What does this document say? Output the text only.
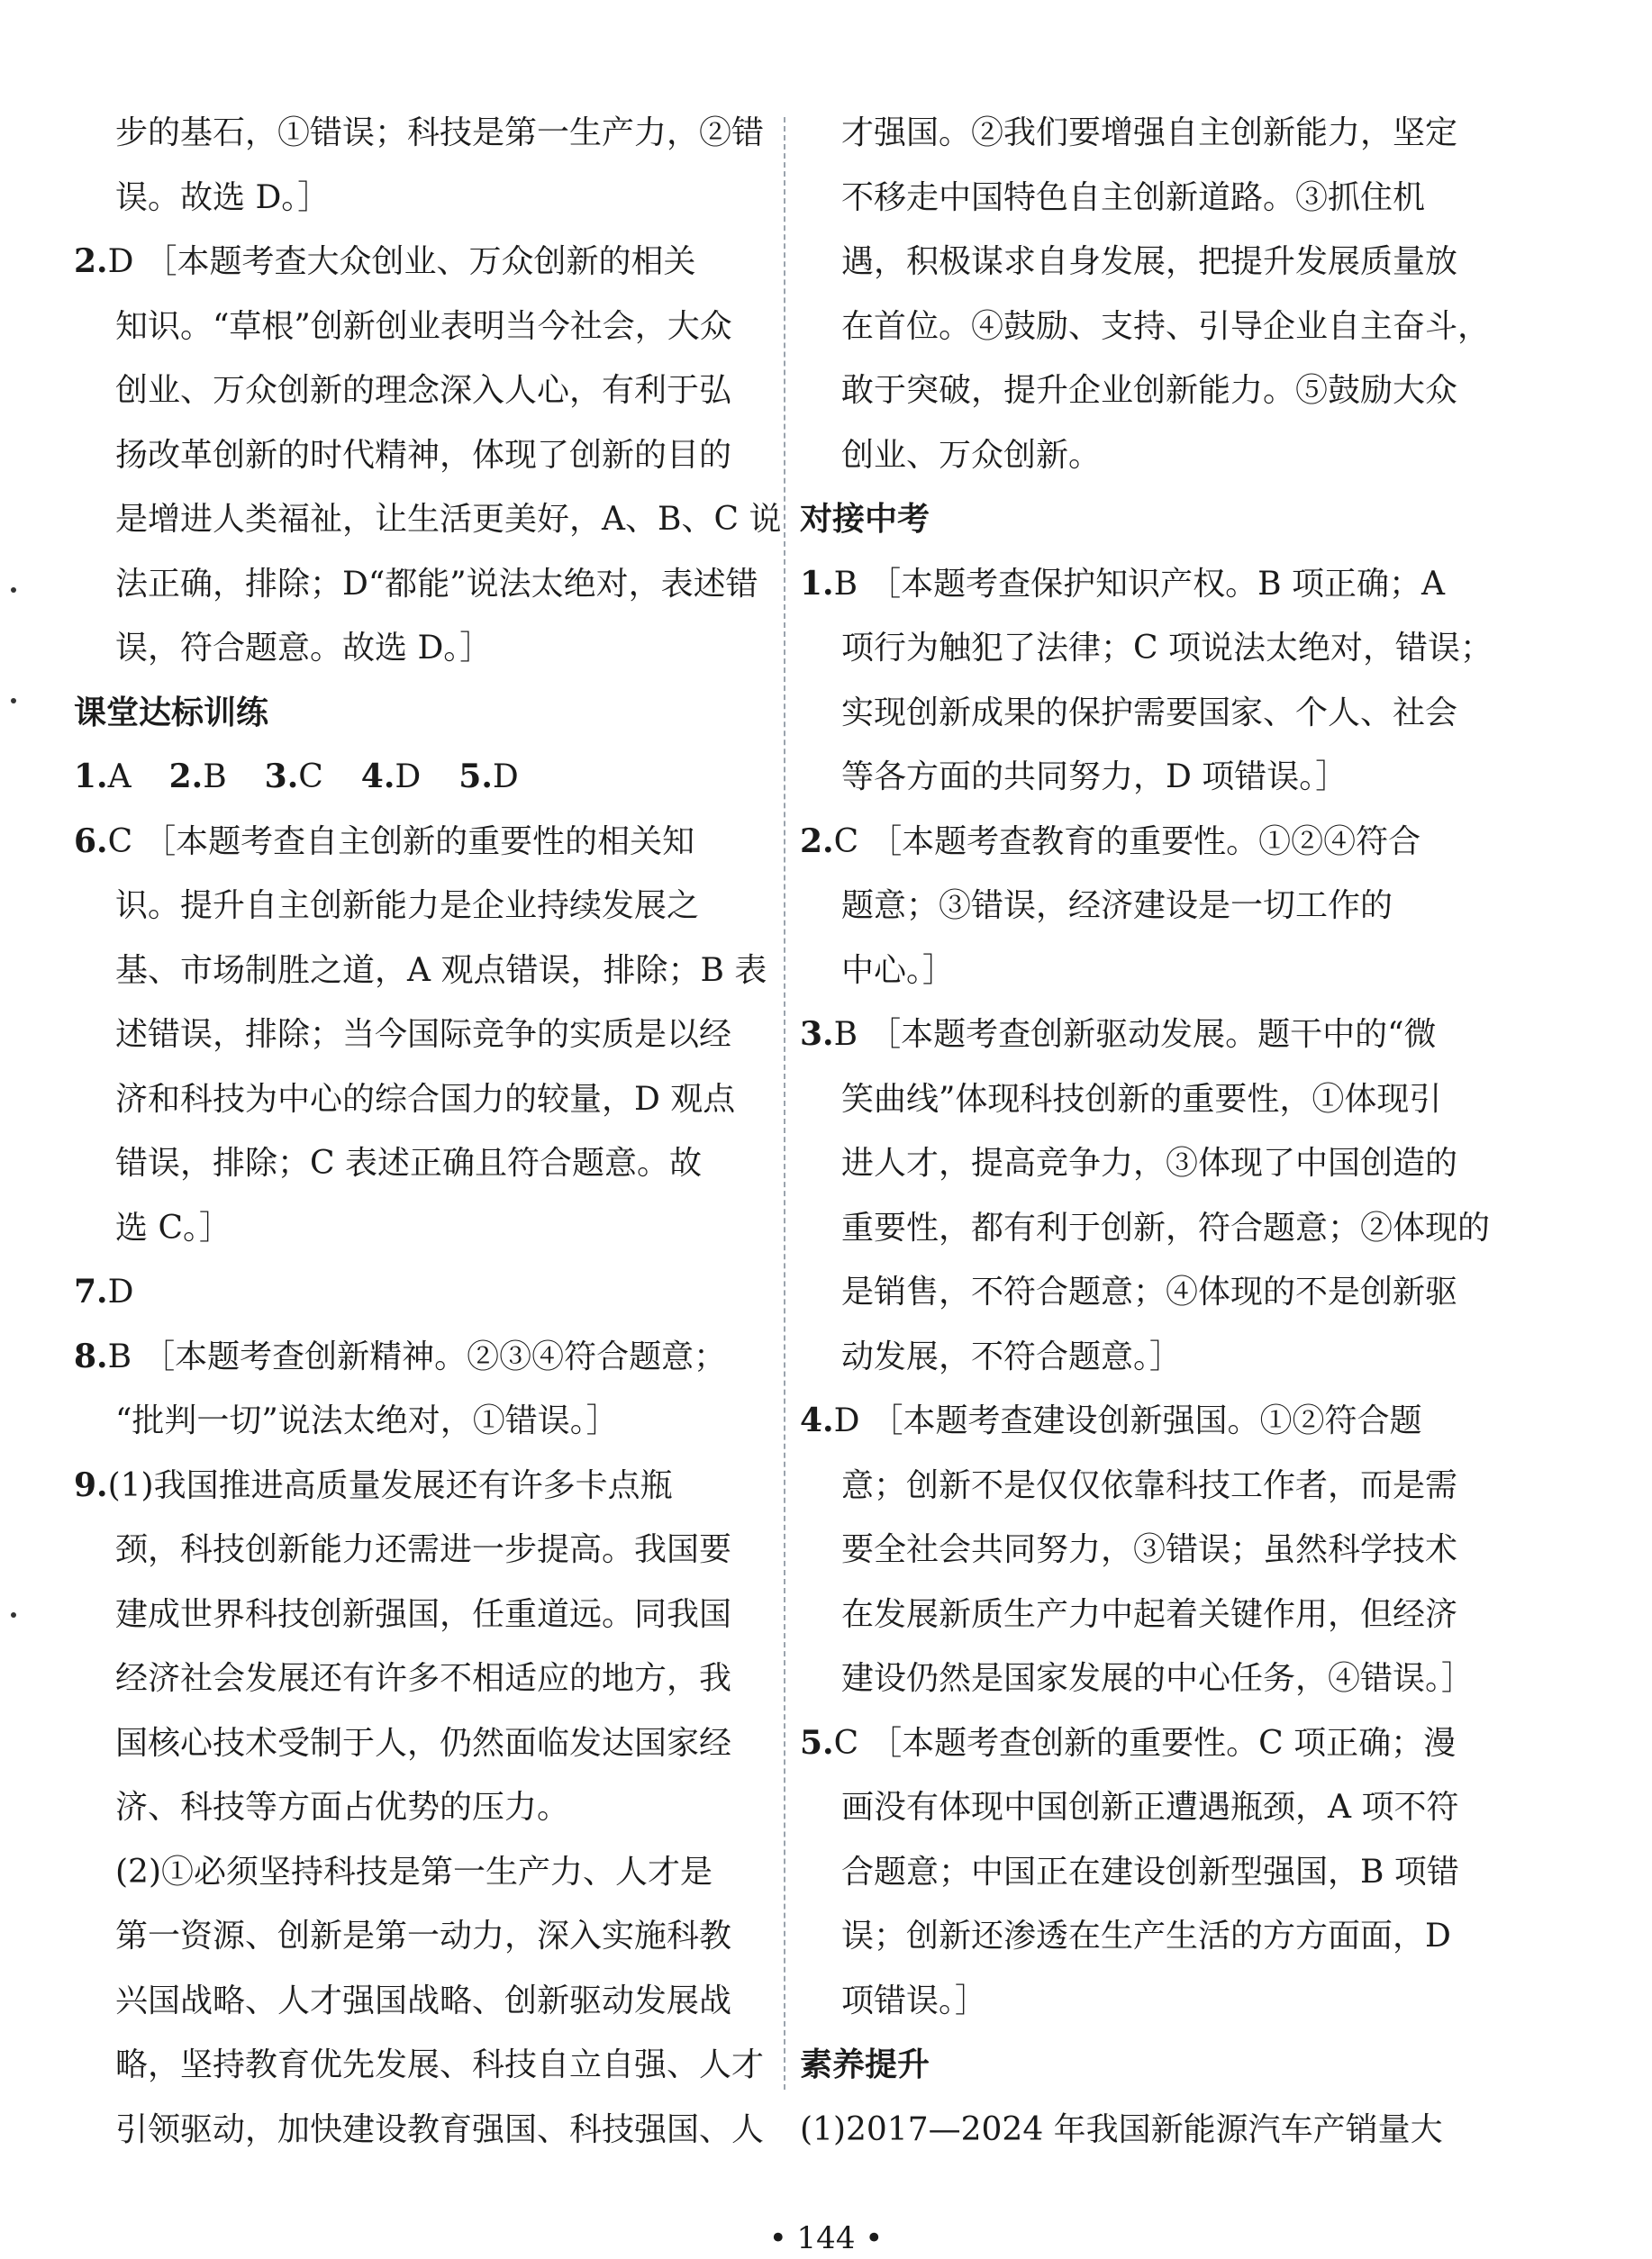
步的基石，①错误；科技是第一生产力，②错
误。故选 D。］
2.D ［本题考查大众创业、万众创新的相关
知识。“草根”创新创业表明当今社会，大众
创业、万众创新的理念深入人心，有利于弘
扬改革创新的时代精神，体现了创新的目的
是增进人类福祉，让生活更美好，A、B、C 说
法正确，排除；D“都能”说法太绝对，表述错
误，符合题意。故选 D。］
课堂达标训练
1.A 2.B 3.C 4.D 5.D
6.C ［本题考查自主创新的重要性的相关知
识。提升自主创新能力是企业持续发展之
基、市场制胜之道，A 观点错误，排除；B 表
述错误，排除；当今国际竞争的实质是以经
济和科技为中心的综合国力的较量，D 观点
错误，排除；C 表述正确且符合题意。故
选 C。］
7.D
8.B ［本题考查创新精神。②③④符合题意；
“批判一切”说法太绝对，①错误。］
9.(1)我国推进高质量发展还有许多卡点瓶
颈，科技创新能力还需进一步提高。我国要
建成世界科技创新强国，任重道远。同我国
经济社会发展还有许多不相适应的地方，我
国核心技术受制于人，仍然面临发达国家经
济、科技等方面占优势的压力。
(2)①必须坚持科技是第一生产力、人才是
第一资源、创新是第一动力，深入实施科教
兴国战略、人才强国战略、创新驱动发展战
略，坚持教育优先发展、科技自立自强、人才
引领驱动，加快建设教育强国、科技强国、人
才强国。②我们要增强自主创新能力，坚定
不移走中国特色自主创新道路。③抓住机
遇，积极谋求自身发展，把提升发展质量放
在首位。④鼓励、支持、引导企业自主奋斗，
敢于突破，提升企业创新能力。⑤鼓励大众
创业、万众创新。
对接中考
1.B ［本题考查保护知识产权。B 项正确；A
项行为触犯了法律；C 项说法太绝对，错误；
实现创新成果的保护需要国家、个人、社会
等各方面的共同努力，D 项错误。］
2.C ［本题考查教育的重要性。①②④符合
题意；③错误，经济建设是一切工作的
中心。］
3.B ［本题考查创新驱动发展。题干中的“微
笑曲线”体现科技创新的重要性，①体现引
进人才，提高竞争力，③体现了中国创造的
重要性，都有利于创新，符合题意；②体现的
是销售，不符合题意；④体现的不是创新驱
动发展，不符合题意。］
4.D ［本题考查建设创新强国。①②符合题
意；创新不是仅仅依靠科技工作者，而是需
要全社会共同努力，③错误；虽然科学技术
在发展新质生产力中起着关键作用，但经济
建设仍然是国家发展的中心任务，④错误。］
5.C ［本题考查创新的重要性。C 项正确；漫
画没有体现中国创新正遭遇瓶颈，A 项不符
合题意；中国正在建设创新型强国，B 项错
误；创新还渗透在生产生活的方方面面，D
项错误。］
素养提升
(1)2017—2024 年我国新能源汽车产销量大
• 144 •
